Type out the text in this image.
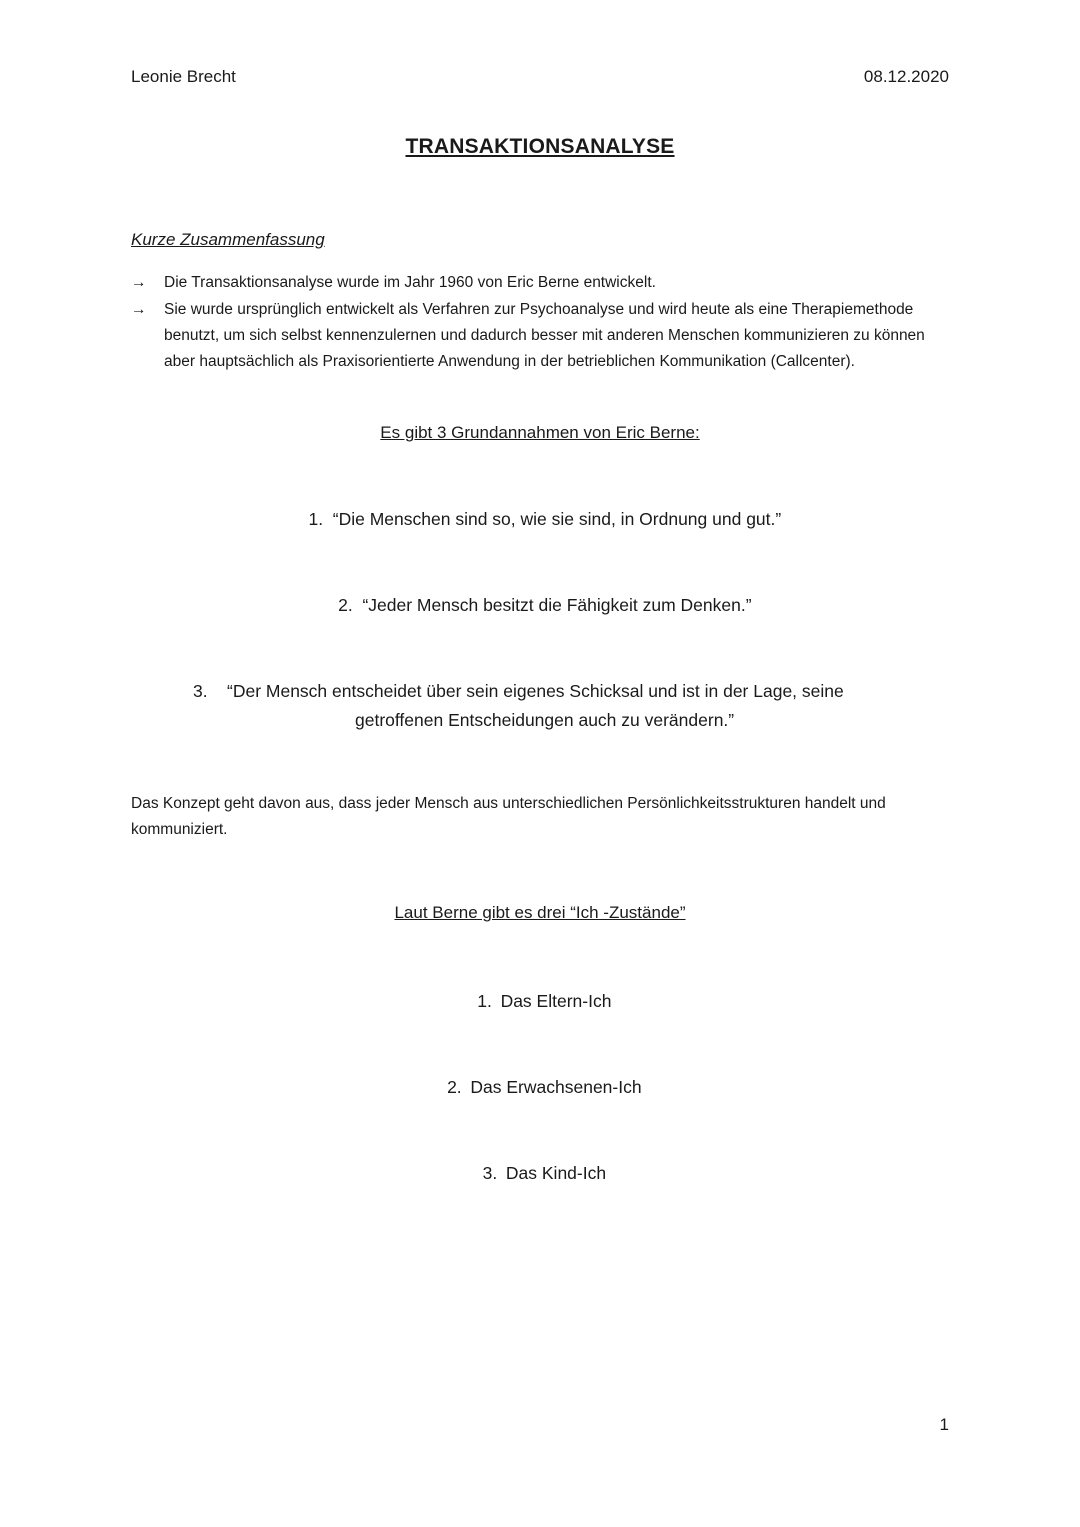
Leonie Brecht	08.12.2020
TRANSAKTIONSANALYSE
Kurze Zusammenfassung
→	Die Transaktionsanalyse wurde im Jahr 1960 von Eric Berne entwickelt.
→	Sie wurde ursprünglich entwickelt als Verfahren zur Psychoanalyse und wird heute als eine Therapiemethode benutzt, um sich selbst kennenzulernen und dadurch besser mit anderen Menschen kommunizieren zu können aber hauptsächlich als Praxisorientierte Anwendung in der betrieblichen Kommunikation (Callcenter).
Es gibt 3 Grundannahmen von Eric Berne:
1. “Die Menschen sind so, wie sie sind, in Ordnung und gut.”
2. “Jeder Mensch besitzt die Fähigkeit zum Denken.”
3. “Der Mensch entscheidet über sein eigenes Schicksal und ist in der Lage, seine
getroffenen Entscheidungen auch zu verändern.”
Das Konzept geht davon aus, dass jeder Mensch aus unterschiedlichen Persönlichkeitsstrukturen handelt und kommuniziert.
Laut Berne gibt es drei “Ich -Zustände”
1. Das Eltern-Ich
2. Das Erwachsenen-Ich
3. Das Kind-Ich
1
